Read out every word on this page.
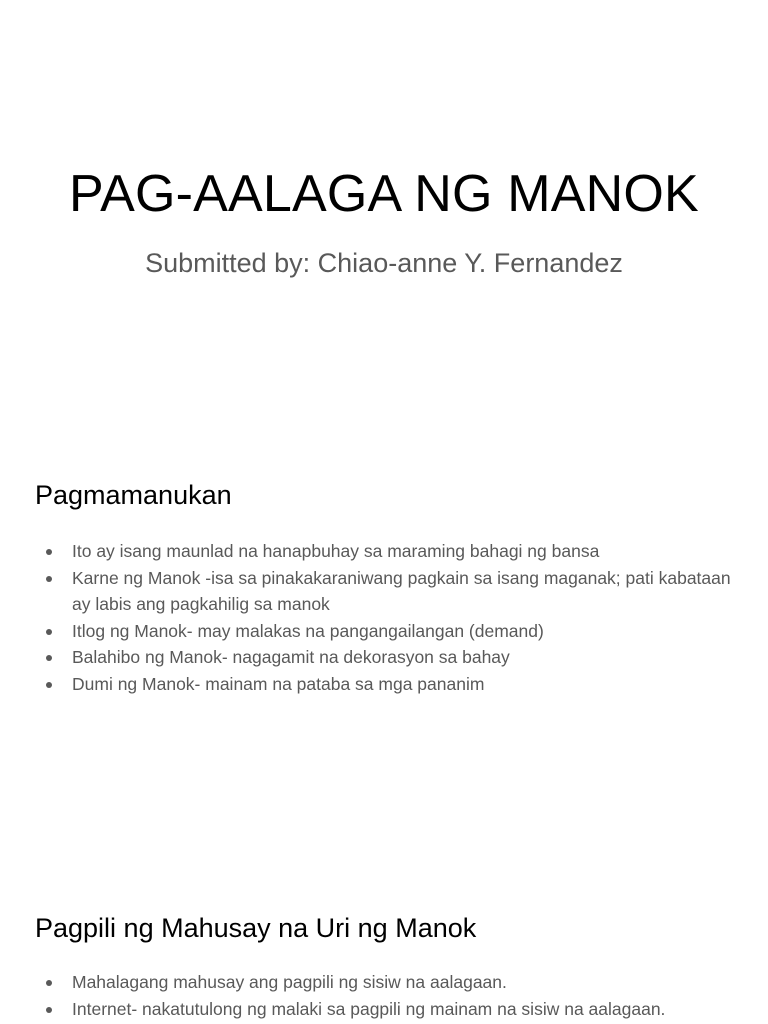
PAG-AALAGA NG MANOK

Submitted by: Chiao-anne Y. Fernandez

Pagmamanukan
Ito ay isang maunlad na hanapbuhay sa maraming bahagi ng bansa
Karne ng Manok -isa sa pinakakaraniwang pagkain sa isang maganak; pati kabataan ay labis ang pagkahilig sa manok
Itlog ng Manok- may malakas na pangangailangan (demand)
Balahibo ng Manok- nagagamit na dekorasyon sa bahay
Dumi ng Manok- mainam na pataba sa mga pananim
Pagpili ng Mahusay na Uri ng Manok
Mahalagang mahusay ang pagpili ng sisiw na aalagaan.
Internet- nakatutulong ng malaki sa pagpili ng mainam na sisiw na aalagaan.
